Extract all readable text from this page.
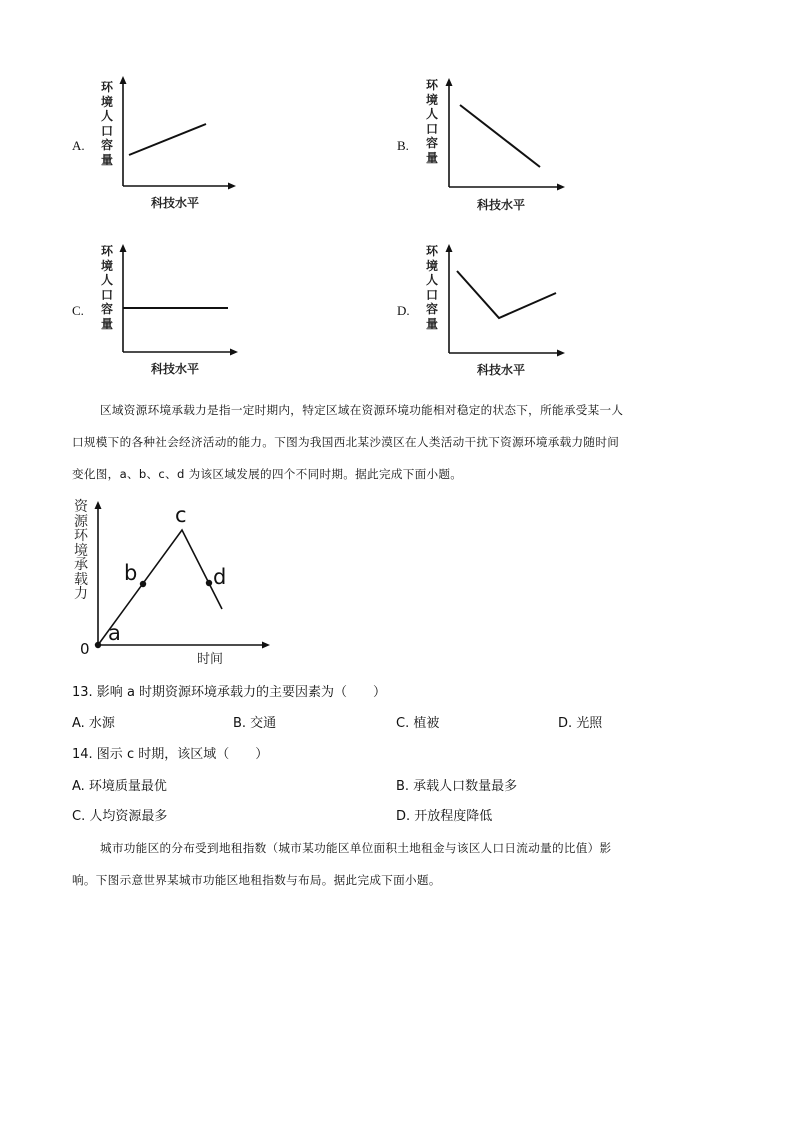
A.
环
境
人
口
容
量
科技水平
B.
环
境
人
口
容
量
科技水平
C.
环
境
人
口
容
量
科技水平
D.
环
境
人
口
容
量
科技水平
区域资源环境承载力是指一定时期内，特定区域在资源环境功能相对稳定的状态下，所能承受某一人
口规模下的各种社会经济活动的能力。下图为我国西北某沙漠区在人类活动干扰下资源环境承载力随时间
变化图，a、b、c、d 为该区域发展的四个不同时期。据此完成下面小题。
资
源
环
境
承
载
力
0
a
b
c
d
时间
13. 影响 a 时期资源环境承载力的主要因素为（　　）
A. 水源	B. 交通	C. 植被	D. 光照
14. 图示 c 时期，该区域（　　）
A. 环境质量最优	B. 承载人口数量最多
C. 人均资源最多	D. 开放程度降低
城市功能区的分布受到地租指数（城市某功能区单位面积土地租金与该区人口日流动量的比值）影
响。下图示意世界某城市功能区地租指数与布局。据此完成下面小题。
